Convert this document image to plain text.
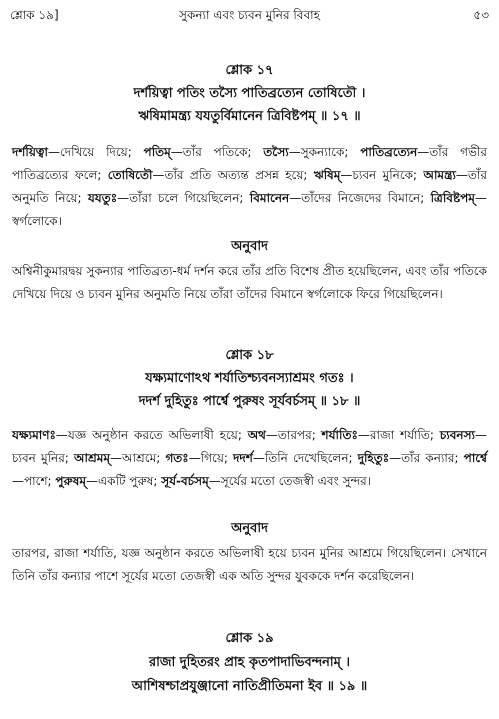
শ্লোক ১৯]	সুকন্যা এবং চ্যবন মুনির বিবাহ	৫৩
শ্লোক ১৭
দর্শয়িত্বা পতিং তস্যৈ পাতিব্রত্যেন তোষিতৌ ।
ঋষিমামন্ত্র্য যযতুর্বিমানেন ত্রিবিষ্টপম্ ॥ ১৭ ॥

দর্শয়িত্বা—দেখিয়ে দিয়ে; পতিম্—তাঁর পতিকে; তস্যৈ—সুকন্যাকে; পাতিব্রত্যেন—তাঁর গভীর পাতিব্রত্যের ফলে; তোষিতৌ—তাঁর প্রতি অত্যন্ত প্রসন্ন হয়ে; ঋষিম্—চ্যবন মুনিকে; আমন্ত্র্য—তাঁর অনুমতি নিয়ে; যযতুঃ—তাঁরা চলে গিয়েছিলেন; বিমানেন—তাঁদের নিজেদের বিমানে; ত্রিবিষ্টপম্—স্বর্গলোকে।

অনুবাদ

অশ্বিনীকুমারদ্বয় সুকন্যার পাতিব্রত্য-ধর্ম দর্শন করে তাঁর প্রতি বিশেষ প্রীত হয়েছিলেন, এবং তাঁর পতিকে দেখিয়ে দিয়ে ও চ্যবন মুনির অনুমতি নিয়ে তাঁরা তাঁদের বিমানে স্বর্গলোকে ফিরে গিয়েছিলেন।

শ্লোক ১৮
যক্ষ্যমাণোঽথ শর্যাতিশ্চ্যবনস্যাশ্রমং গতঃ ।
দদর্শ দুহিতুঃ পার্শ্বে পুরুষং সূর্যবর্চসম্ ॥ ১৮ ॥

যক্ষ্যমাণঃ—যজ্ঞ অনুষ্ঠান করতে অভিলাষী হয়ে; অথ—তারপর; শর্যাতিঃ—রাজা শর্যাতি; চ্যবনস্য—চ্যবন মুনির; আশ্রমম্—আশ্রমে; গতঃ—গিয়ে; দদর্শ—তিনি দেখেছিলেন; দুহিতুঃ—তাঁর কন্যার; পার্শ্বে—পাশে; পুরুষম্—একটি পুরুষ; সূর্য-বর্চসম্—সূর্যের মতো তেজস্বী এবং সুন্দর।

অনুবাদ

তারপর, রাজা শর্যাতি, যজ্ঞ অনুষ্ঠান করতে অভিলাষী হয়ে চ্যবন মুনির আশ্রমে গিয়েছিলেন। সেখানে তিনি তাঁর কন্যার পাশে সূর্যের মতো তেজস্বী এক অতি সুন্দর যুবককে দর্শন করেছিলেন।

শ্লোক ১৯
রাজা দুহিতরং প্রাহ কৃতপাদাভিবন্দনাম্ ।
আশিষশ্চাপ্রযুঞ্জানো নাতিপ্রীতিমনা ইব ॥ ১৯ ॥
